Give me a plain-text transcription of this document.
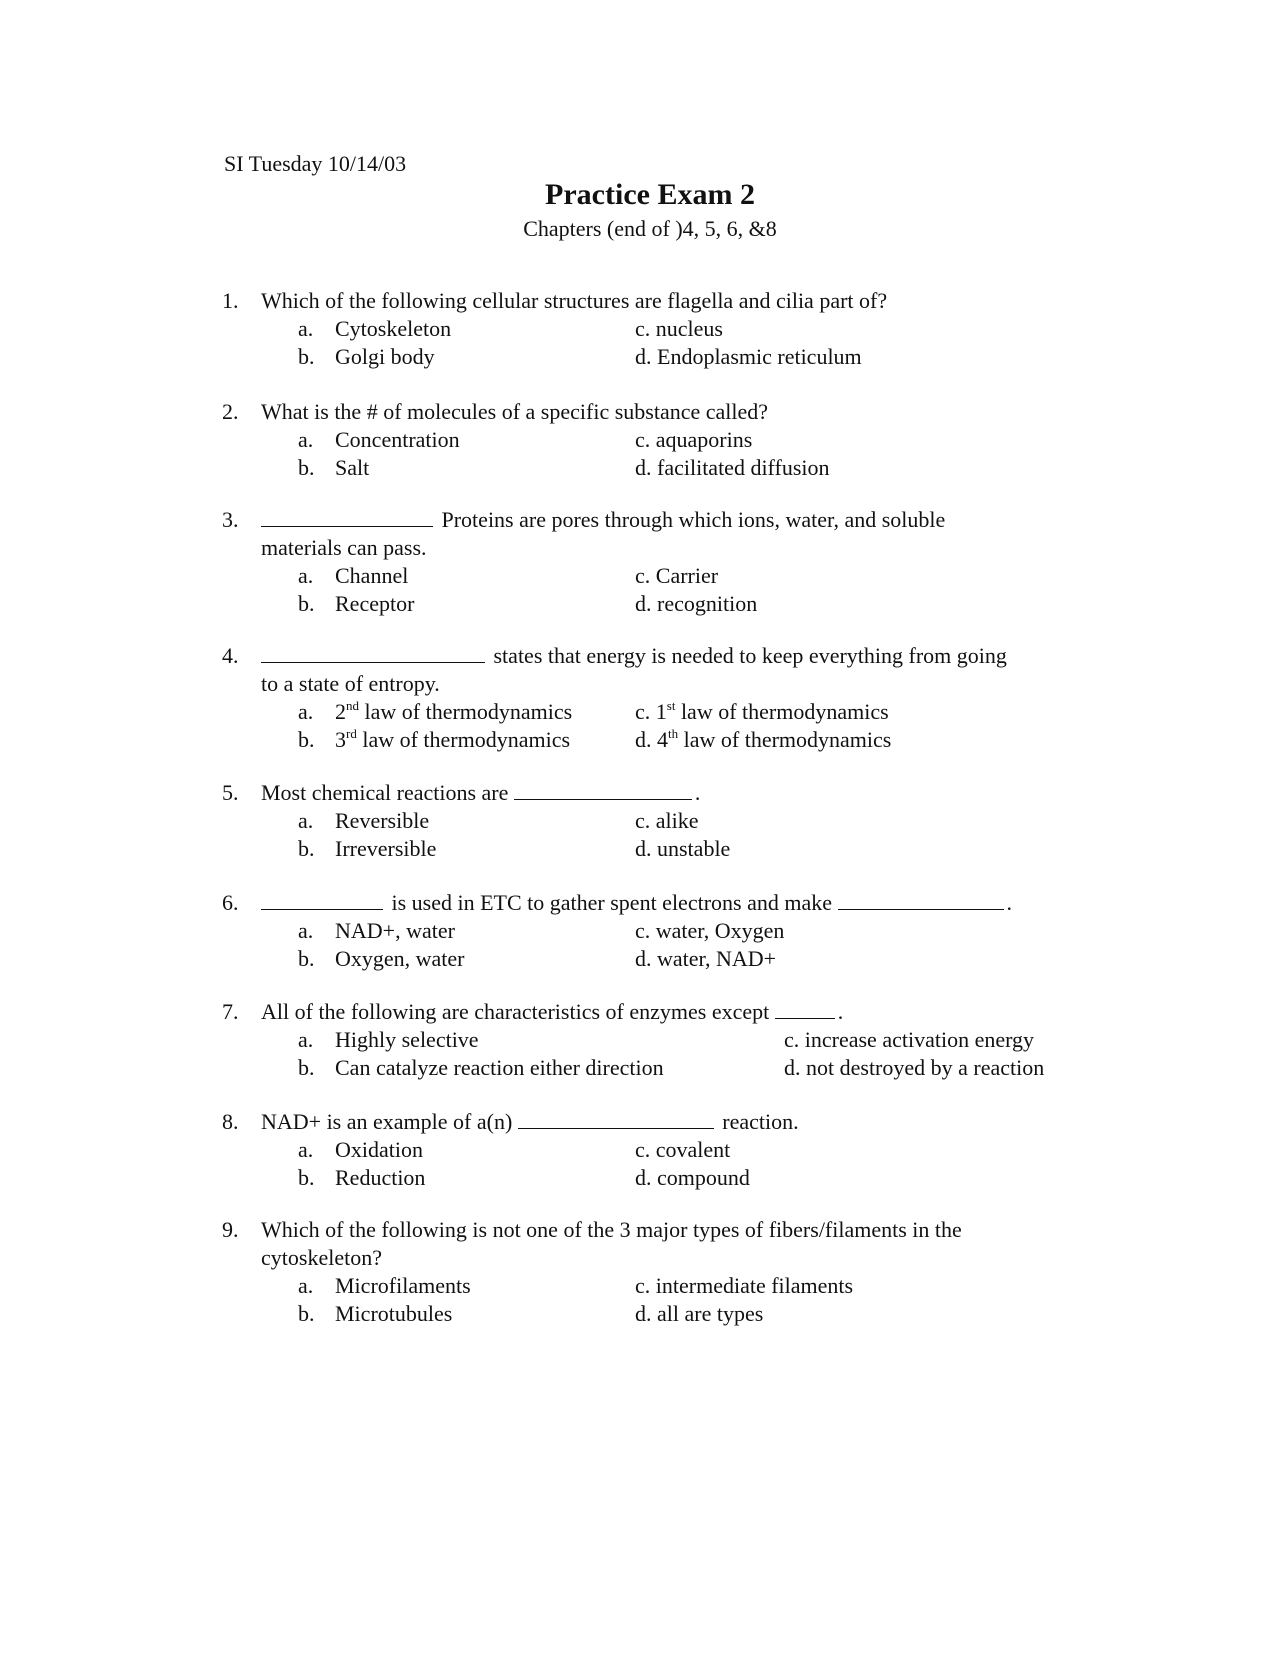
SI Tuesday 10/14/03
Practice Exam 2
Chapters (end of )4, 5, 6, &8
1. Which of the following cellular structures are flagella and cilia part of?
a. Cytoskeleton	c. nucleus
b. Golgi body	d. Endoplasmic reticulum
2. What is the # of molecules of a specific substance called?
a. Concentration	c. aquaporins
b. Salt	d. facilitated diffusion
3.	Proteins are pores through which ions, water, and soluble
materials can pass.
a. Channel	c. Carrier
b. Receptor	d. recognition
4.	states that energy is needed to keep everything from going
to a state of entropy.
a. 2nd law of thermodynamics	c. 1st law of thermodynamics
b. 3rd law of thermodynamics	d. 4th law of thermodynamics
5. Most chemical reactions are	.
a. Reversible	c. alike
b. Irreversible	d. unstable
6.	is used in ETC to gather spent electrons and make	.
a. NAD+, water	c. water, Oxygen
b. Oxygen, water	d. water, NAD+
7. All of the following are characteristics of enzymes except	.
a. Highly selective	c. increase activation energy
b. Can catalyze reaction either direction	d. not destroyed by a reaction
8. NAD+ is an example of a(n)	reaction.
a. Oxidation	c. covalent
b. Reduction	d. compound
9. Which of the following is not one of the 3 major types of fibers/filaments in the
cytoskeleton?
a. Microfilaments	c. intermediate filaments
b. Microtubules	d. all are types
